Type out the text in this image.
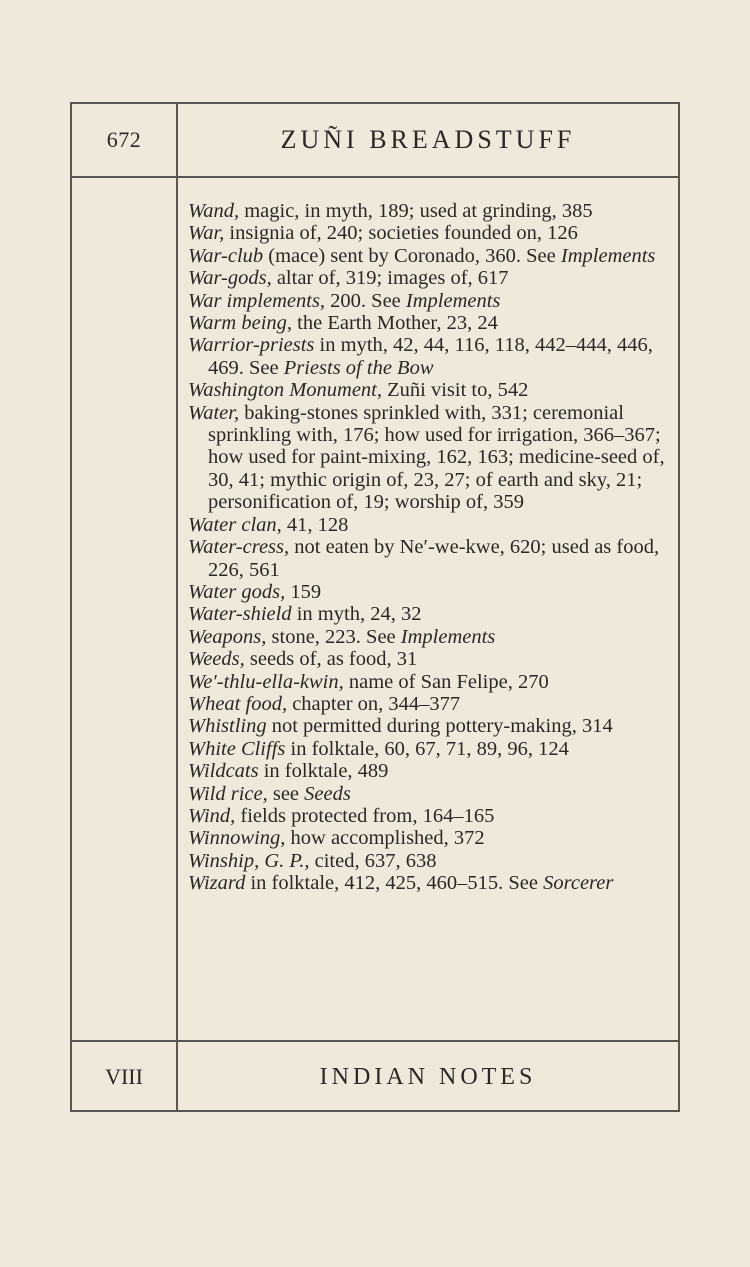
672	ZUÑI BREADSTUFF
Wand, magic, in myth, 189; used at grinding, 385
War, insignia of, 240; societies founded on, 126
War-club (mace) sent by Coronado, 360. See Implements
War-gods, altar of, 319; images of, 617
War implements, 200. See Implements
Warm being, the Earth Mother, 23, 24
Warrior-priests in myth, 42, 44, 116, 118, 442–444, 446, 469. See Priests of the Bow
Washington Monument, Zuñi visit to, 542
Water, baking-stones sprinkled with, 331; ceremonial sprinkling with, 176; how used for irrigation, 366–367; how used for paint-mixing, 162, 163; medicine-seed of, 30, 41; mythic origin of, 23, 27; of earth and sky, 21; personification of, 19; worship of, 359
Water clan, 41, 128
Water-cress, not eaten by Ne′-we-kwe, 620; used as food, 226, 561
Water gods, 159
Water-shield in myth, 24, 32
Weapons, stone, 223. See Implements
Weeds, seeds of, as food, 31
We′-thlu-ella-kwin, name of San Felipe, 270
Wheat food, chapter on, 344–377
Whistling not permitted during pottery-making, 314
White Cliffs in folktale, 60, 67, 71, 89, 96, 124
Wildcats in folktale, 489
Wild rice, see Seeds
Wind, fields protected from, 164–165
Winnowing, how accomplished, 372
Winship, G. P., cited, 637, 638
Wizard in folktale, 412, 425, 460–515. See Sorcerer
VIII	INDIAN NOTES
